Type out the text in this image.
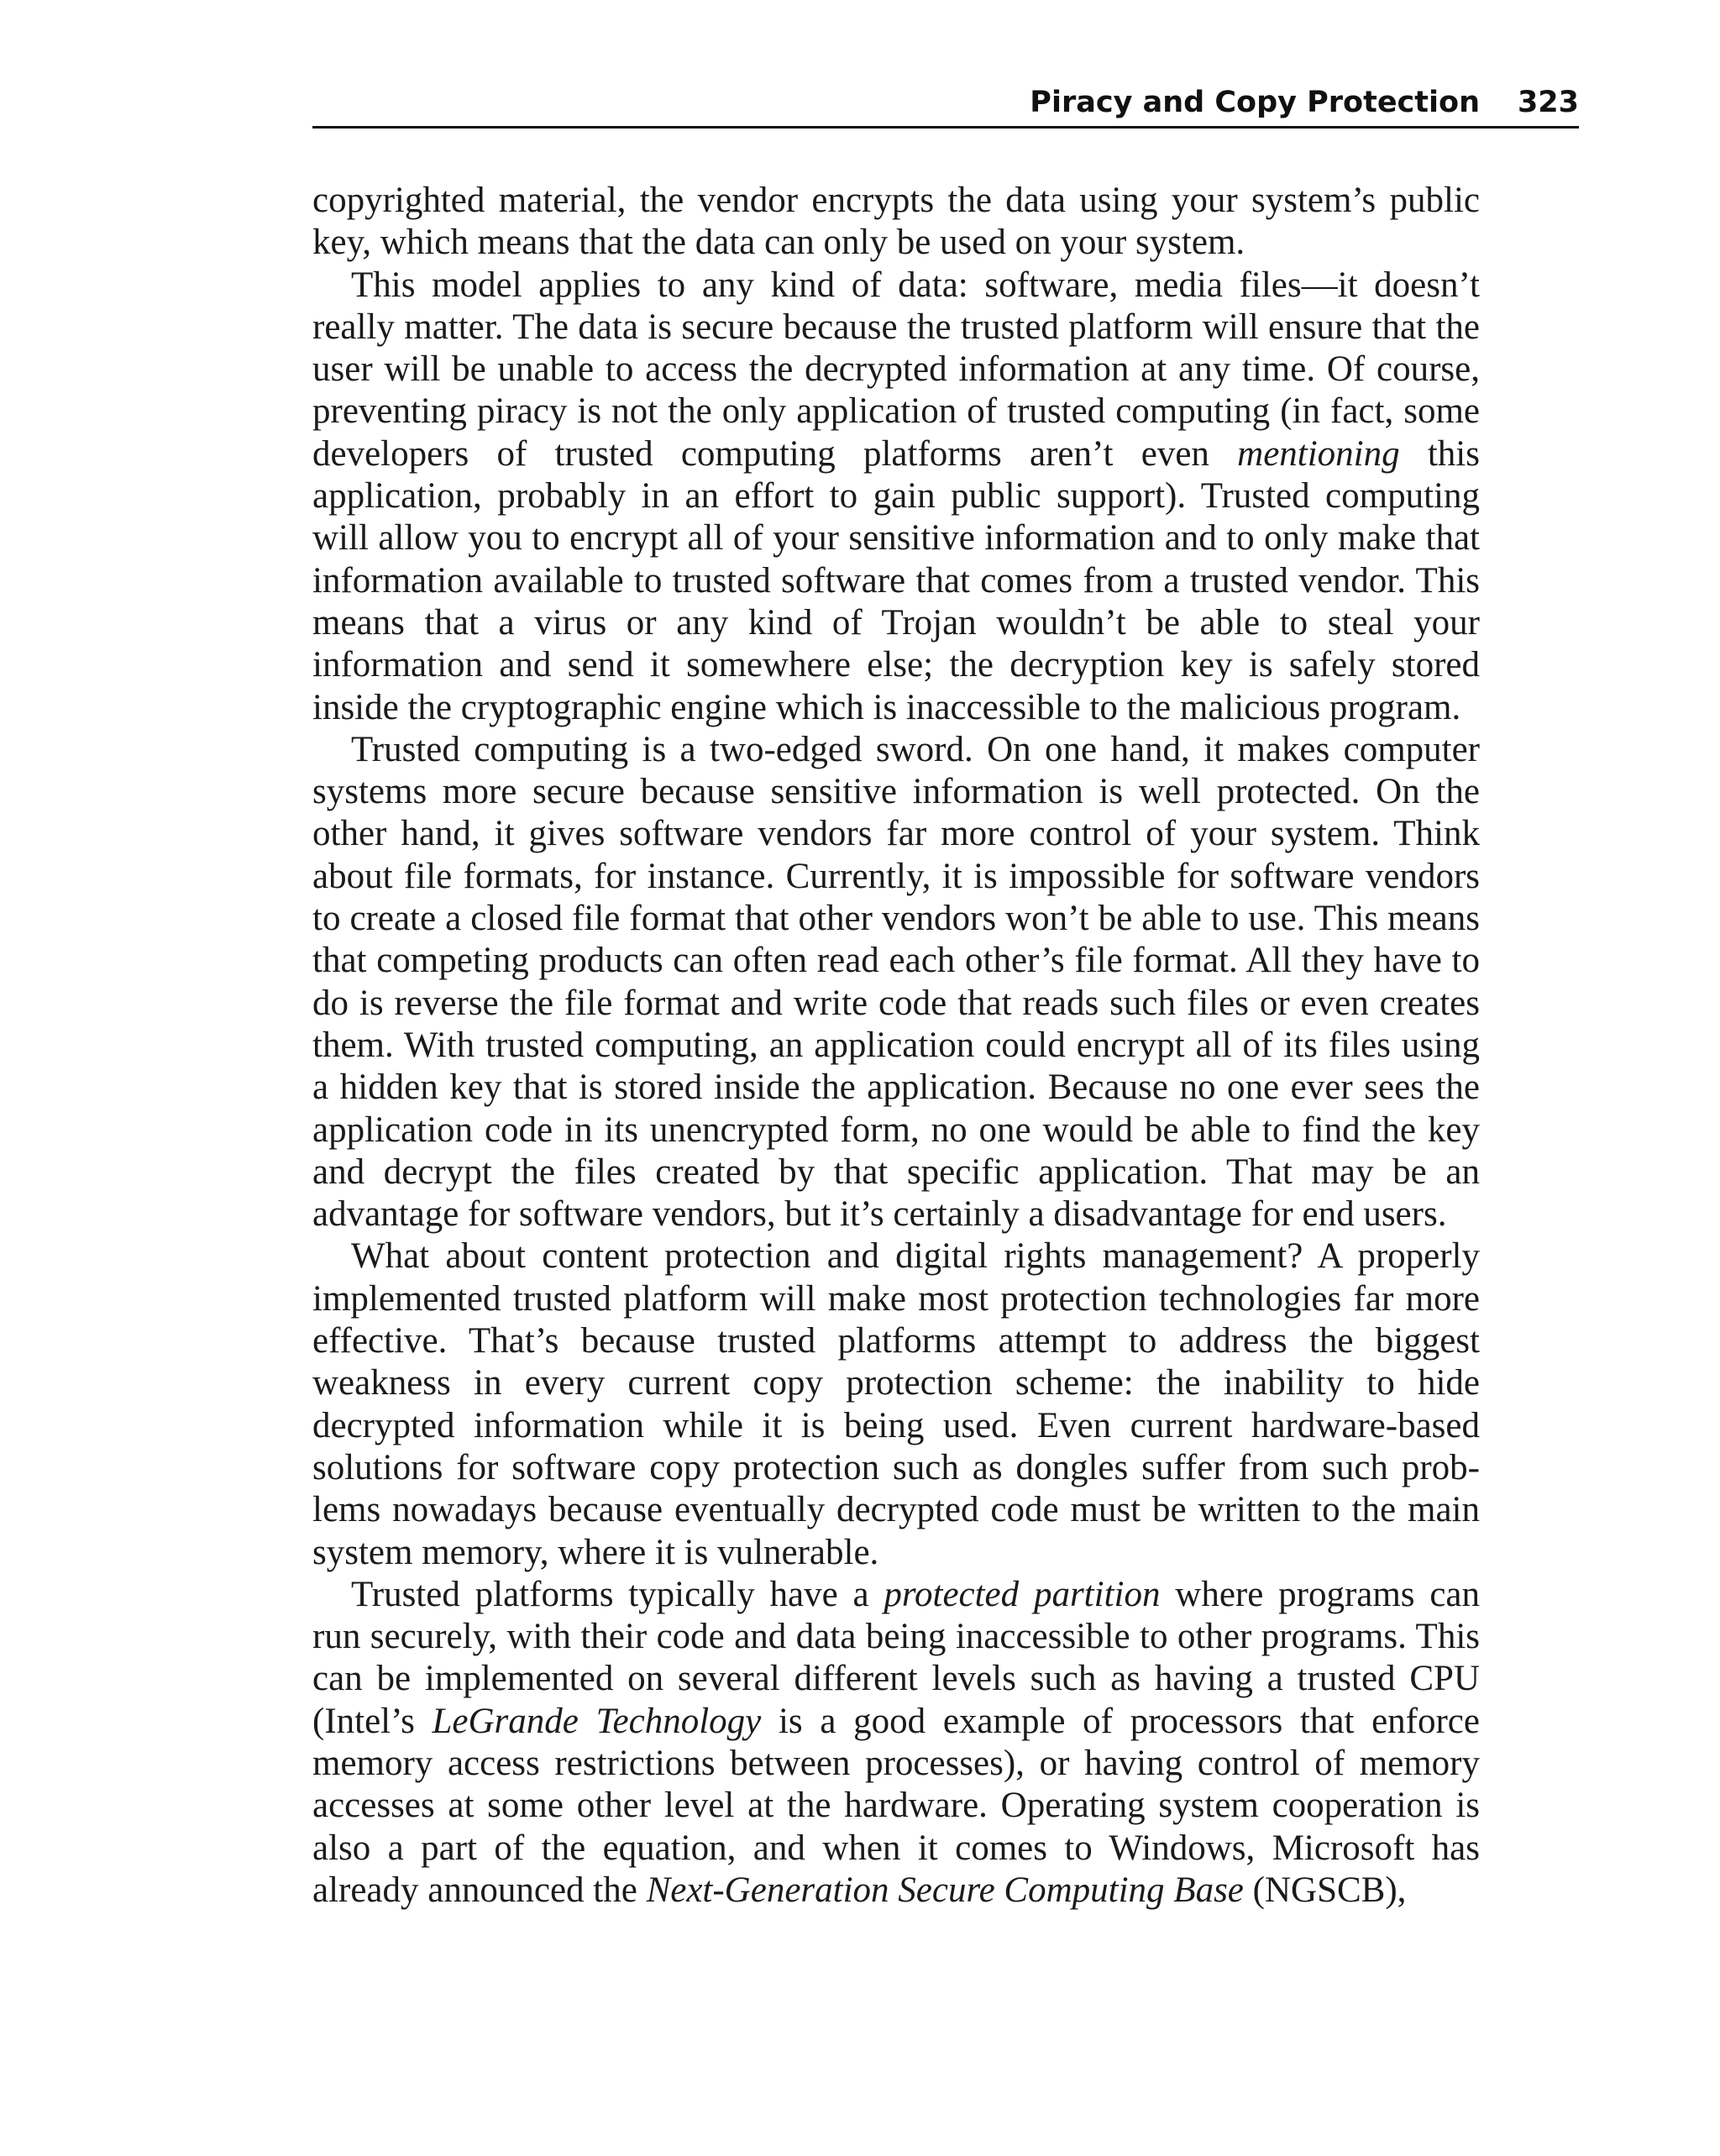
Piracy and Copy Protection 323

copyrighted material, the vendor encrypts the data using your system’s public key, which means that the data can only be used on your system.

This model applies to any kind of data: software, media files—it doesn’t really matter. The data is secure because the trusted platform will ensure that the user will be unable to access the decrypted information at any time. Of course, preventing piracy is not the only application of trusted computing (in fact, some developers of trusted computing platforms aren’t even mentioning this application, probably in an effort to gain public support). Trusted computing will allow you to encrypt all of your sensitive information and to only make that information available to trusted software that comes from a trusted vendor. This means that a virus or any kind of Trojan wouldn’t be able to steal your information and send it somewhere else; the decryption key is safely stored inside the cryptographic engine which is inaccessible to the malicious program.

Trusted computing is a two-edged sword. On one hand, it makes computer systems more secure because sensitive information is well protected. On the other hand, it gives software vendors far more control of your system. Think about file formats, for instance. Currently, it is impossible for software vendors to create a closed file format that other vendors won’t be able to use. This means that competing products can often read each other’s file format. All they have to do is reverse the file format and write code that reads such files or even creates them. With trusted computing, an application could encrypt all of its files using a hidden key that is stored inside the application. Because no one ever sees the application code in its unencrypted form, no one would be able to find the key and decrypt the files created by that specific application. That may be an advantage for software vendors, but it’s certainly a disadvantage for end users.

What about content protection and digital rights management? A properly implemented trusted platform will make most protection technologies far more effective. That’s because trusted platforms attempt to address the biggest weakness in every current copy protection scheme: the inability to hide decrypted information while it is being used. Even current hardware-based solutions for software copy protection such as dongles suffer from such problems nowadays because eventually decrypted code must be written to the main system memory, where it is vulnerable.

Trusted platforms typically have a protected partition where programs can run securely, with their code and data being inaccessible to other programs. This can be implemented on several different levels such as having a trusted CPU (Intel’s LeGrande Technology is a good example of processors that enforce memory access restrictions between processes), or having control of memory accesses at some other level at the hardware. Operating system cooperation is also a part of the equation, and when it comes to Windows, Microsoft has already announced the Next-Generation Secure Computing Base (NGSCB),
